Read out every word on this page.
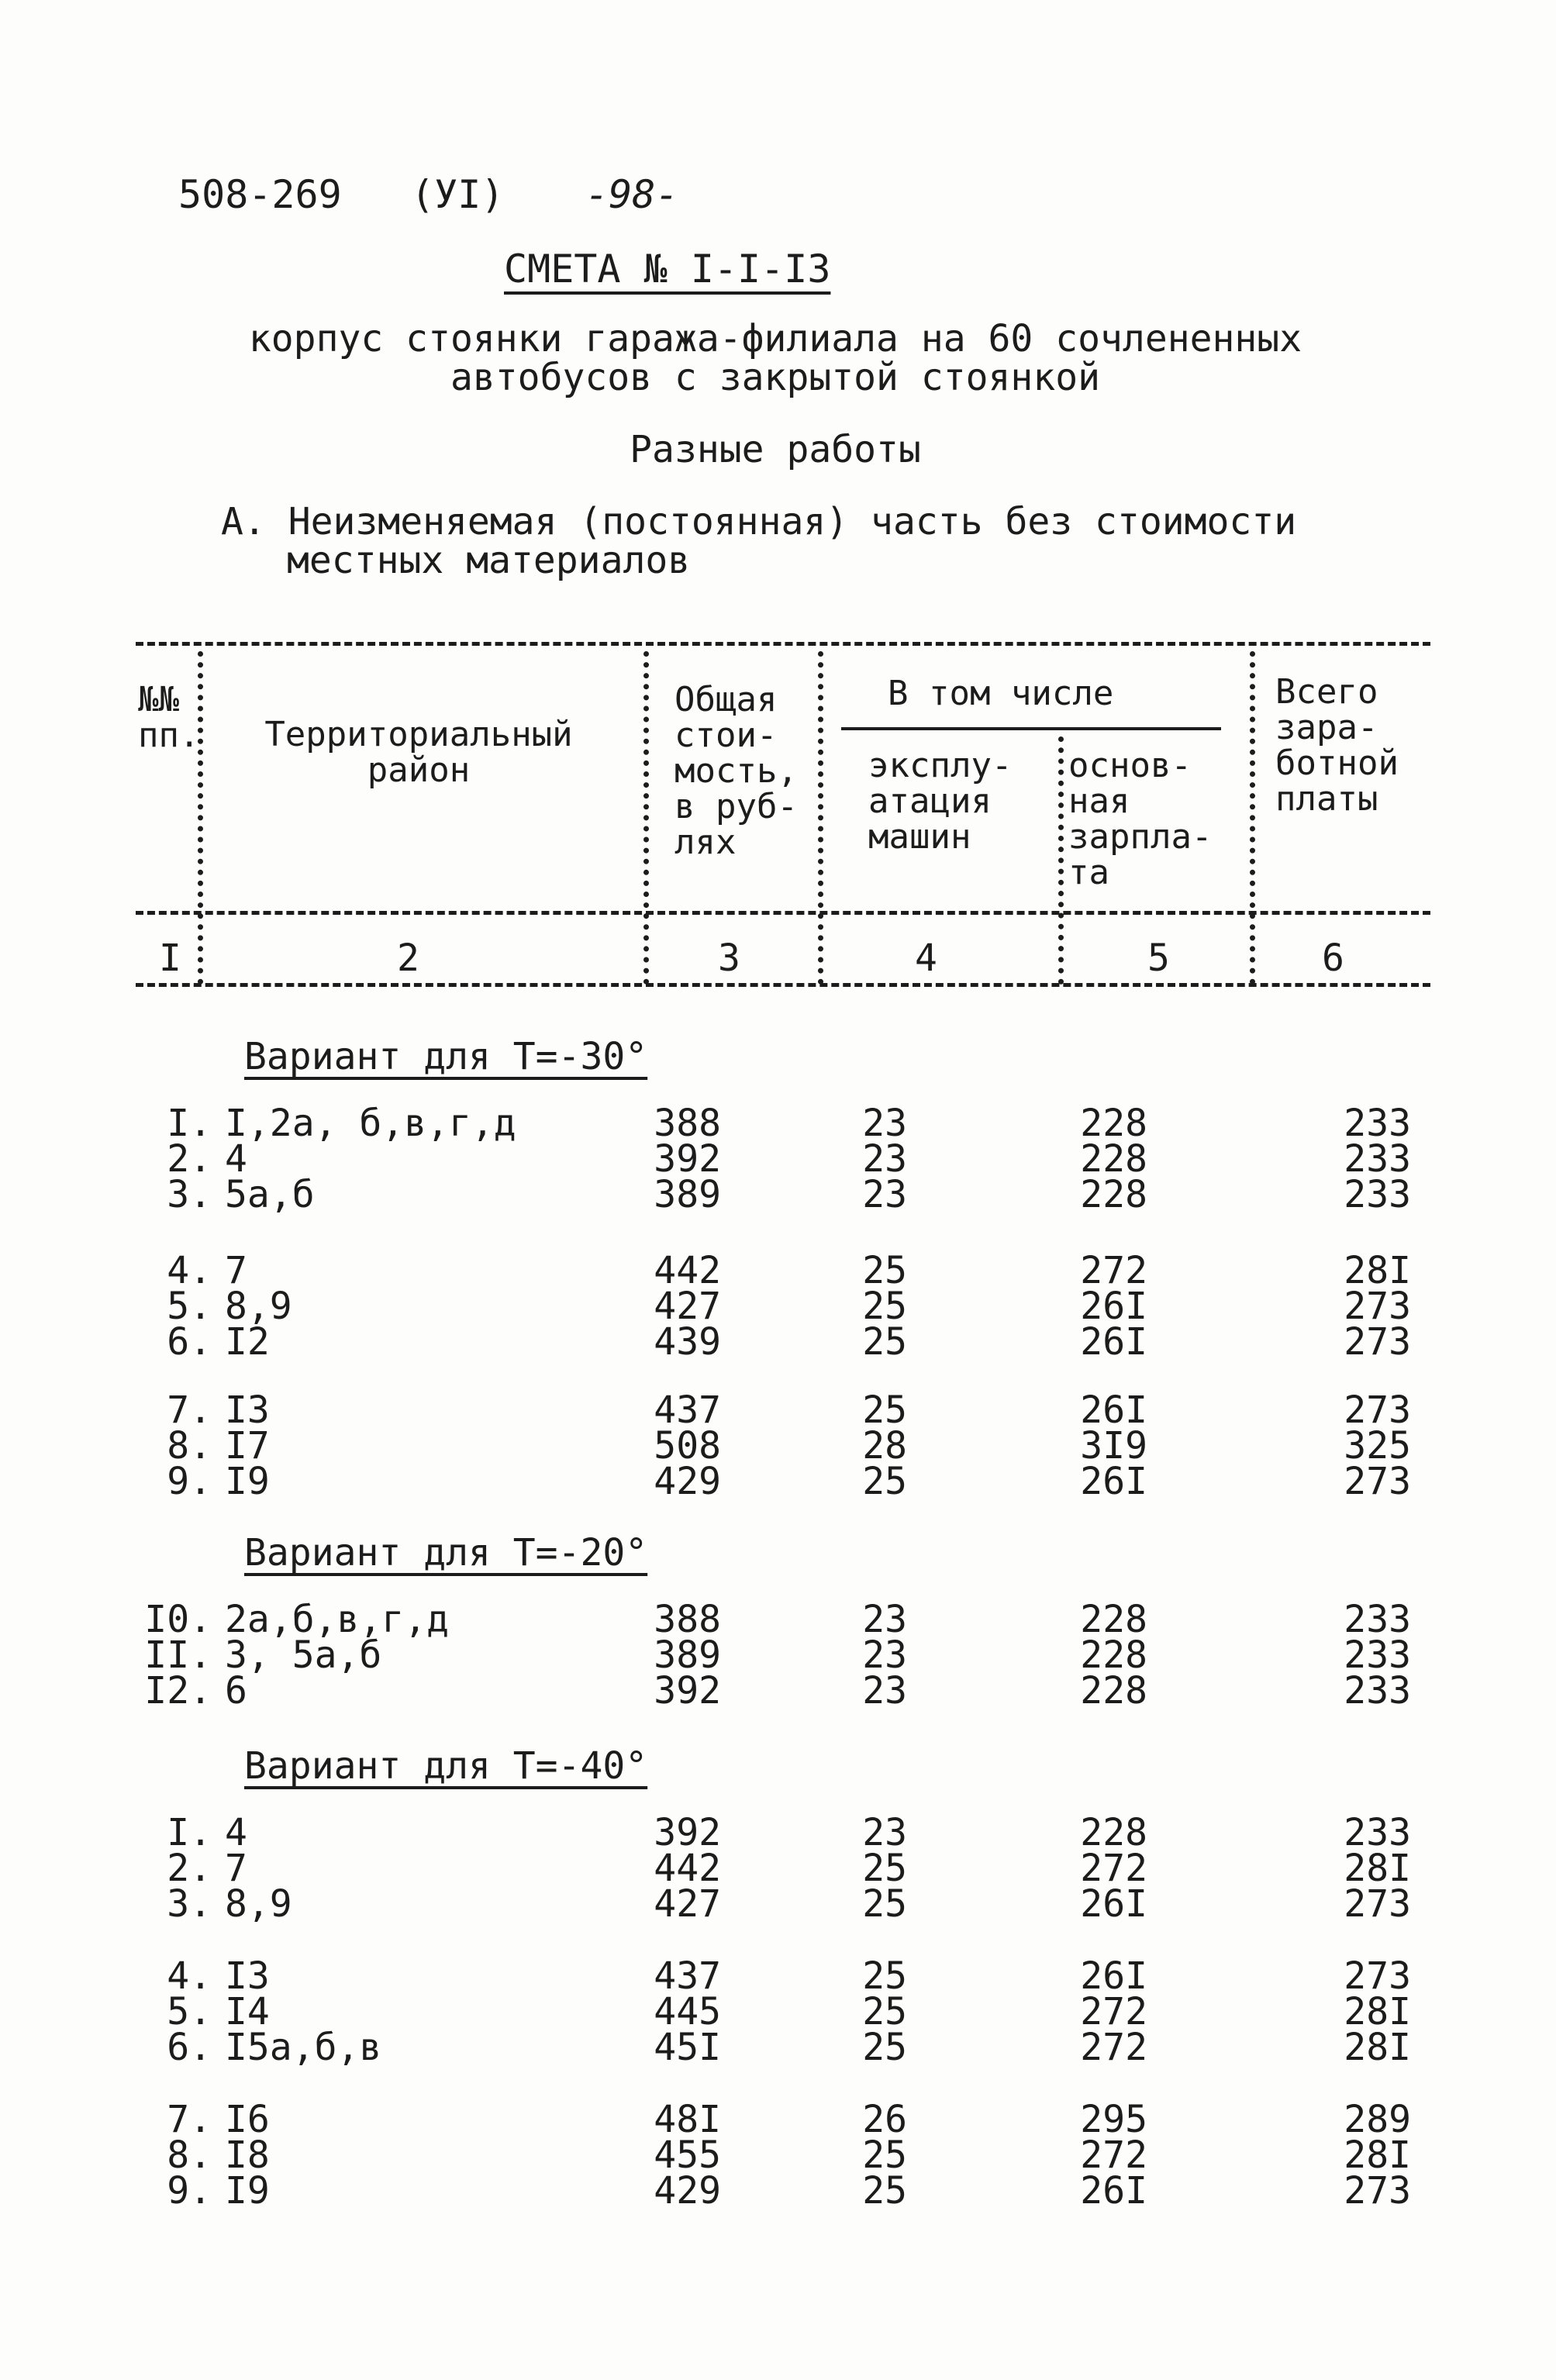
508-269 (УI) -98-
СМЕТА № I-I-I3
корпус стоянки гаража-филиала на 60 сочлененных
автобусов с закрытой стоянкой
Разные работы
А. Неизменяемая (постоянная) часть без стоимости
местных материалов
№№
пп.	Территориальный
район
Общая
стои-
мость,
в руб-
лях
В том числе
эксплу-
атация
машин
основ-
ная
зарпла-
та
Всего
зара-
ботной
платы
I	2	3	4	5	6
Вариант для Т=-30°
I. I,2а, б,в,г,д	388	23	228	233
2. 4	392	23	228	233
3. 5а,б	389	23	228	233
4. 7	442	25	272	28I
5. 8,9	427	25	26I	273
6. I2	439	25	26I	273
7. I3	437	25	26I	273
8. I7	508	28	3I9	325
9. I9	429	25	26I	273
Вариант для Т=-20°
I0. 2а,б,в,г,д	388	23	228	233
II. 3, 5а,б	389	23	228	233
I2. 6	392	23	228	233
Вариант для Т=-40°
I. 4	392	23	228	233
2. 7	442	25	272	28I
3. 8,9	427	25	26I	273
4. I3	437	25	26I	273
5. I4	445	25	272	28I
6. I5а,б,в	45I	25	272	28I
7. I6	48I	26	295	289
8. I8	455	25	272	28I
9. I9	429	25	26I	273
